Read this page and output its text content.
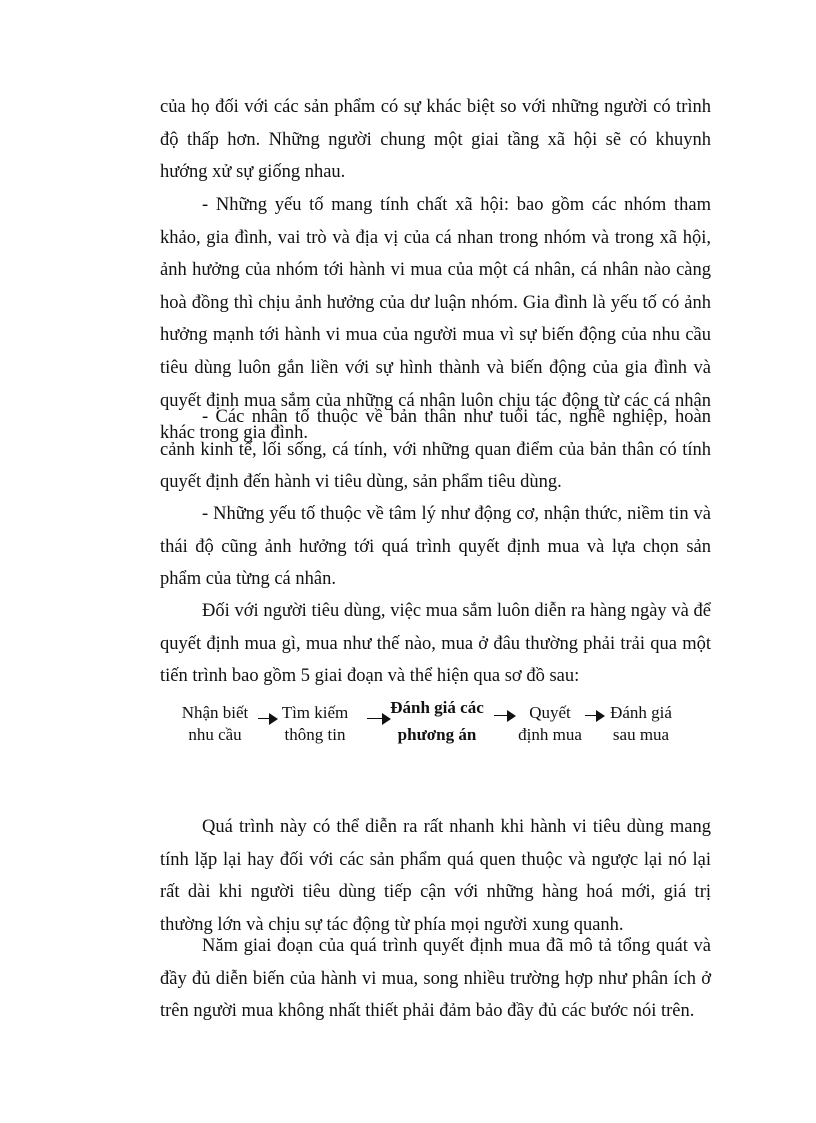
của họ đối với các sản phẩm có sự khác biệt so với những người có trình độ thấp hơn. Những người chung một giai tầng xã hội sẽ có khuynh hướng xử sự giống nhau.

- Những yếu tố mang tính chất xã hội: bao gồm các nhóm tham khảo, gia đình, vai trò và địa vị của cá nhan trong nhóm và trong xã hội, ảnh hưởng của nhóm tới hành vi mua của một cá nhân, cá nhân nào càng hoà đồng thì chịu ảnh hưởng của dư luận nhóm. Gia đình là yếu tố có ảnh hưởng mạnh tới hành vi mua của người mua vì sự biến động của nhu cầu tiêu dùng luôn gắn liền với sự hình thành và biến động của gia đình và quyết định mua sắm của những cá nhân luôn chịu tác động từ các cá nhân khác trong gia đình.

- Các nhân tố thuộc về bản thân như tuổi tác, nghề nghiệp, hoàn cảnh kinh tế, lối sống, cá tính, với những quan điểm của bản thân có tính quyết định đến hành vi tiêu dùng, sản phẩm tiêu dùng.

- Những yếu tố thuộc về tâm lý như động cơ, nhận thức, niềm tin và thái độ cũng ảnh hưởng tới quá trình quyết định mua và lựa chọn sản phẩm của từng cá nhân.

Đối với người tiêu dùng, việc mua sắm luôn diễn ra hàng ngày và để quyết định mua gì, mua như thế nào, mua ở đâu thường phải trải qua một tiến trình bao gồm 5 giai đoạn và thể hiện qua sơ đồ sau:

Nhận biết
nhu cầu
Tìm kiếm
thông tin
Đánh giá các
phương án
Quyết
định mua
Đánh giá
sau mua

Quá trình này có thể diễn ra rất nhanh khi hành vi tiêu dùng mang tính lặp lại hay đối với các sản phẩm quá quen thuộc và ngược lại nó lại rất dài khi người tiêu dùng tiếp cận với những hàng hoá mới, giá trị thường lớn và chịu sự tác động từ phía mọi người xung quanh.

Năm giai đoạn của quá trình quyết định mua đã mô tả tổng quát và đầy đủ diễn biến của hành vi mua, song nhiều trường hợp như phân ích ở trên người mua không nhất thiết phải đảm bảo đầy đủ các bước nói trên.
